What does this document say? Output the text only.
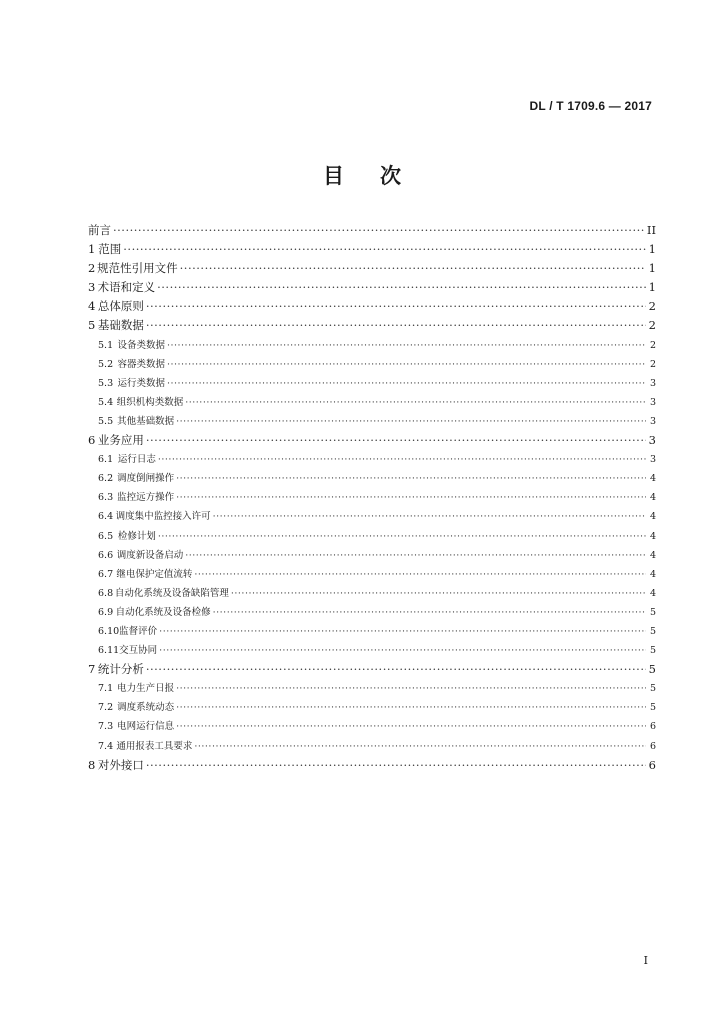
DL / T 1709.6 — 2017
目 次
前言 ·····	II
1 范围 ·····	1
2 规范性引用文件 ·····	1
3 术语和定义 ·····	1
4 总体原则 ·····	2
5 基础数据 ·····	2
5.1 设备类数据 ·····	2
5.2 容器类数据 ·····	2
5.3 运行类数据 ·····	3
5.4 组织机构类数据 ·····	3
5.5 其他基础数据 ·····	3
6 业务应用 ·····	3
6.1 运行日志 ·····	3
6.2 调度倒闸操作 ·····	4
6.3 监控远方操作 ·····	4
6.4 调度集中监控接入许可 ·····	4
6.5 检修计划 ·····	4
6.6 调度新设备启动 ·····	4
6.7 继电保护定值流转 ·····	4
6.8 自动化系统及设备缺陷管理 ·····	4
6.9 自动化系统及设备检修 ·····	5
6.10 监督评价 ·····	5
6.11 交互协同 ·····	5
7 统计分析 ·····	5
7.1 电力生产日报 ·····	5
7.2 调度系统动态 ·····	5
7.3 电网运行信息 ·····	6
7.4 通用报表工具要求 ·····	6
8 对外接口 ·····	6
I
